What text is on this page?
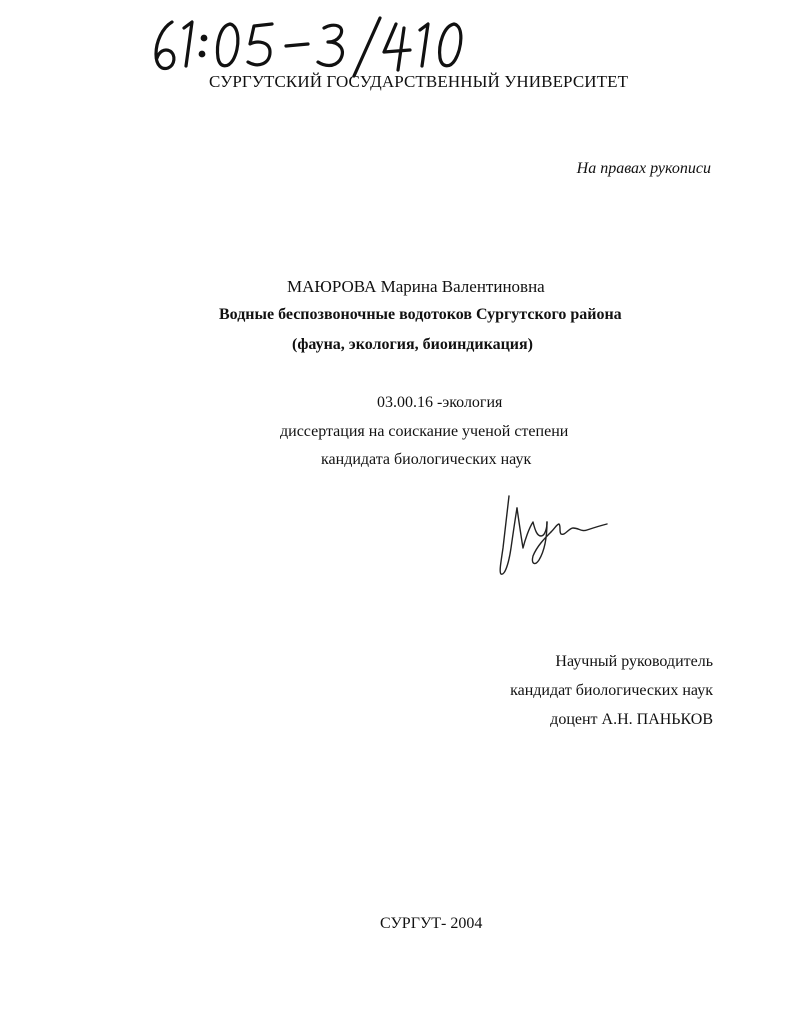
СУРГУТСКИЙ ГОСУДАРСТВЕННЫЙ УНИВЕРСИТЕТ
На правах рукописи
МАЮРОВА Марина Валентиновна
Водные беспозвоночные водотоков Сургутского района
(фауна, экология, биоиндикация)
03.00.16 -экология
диссертация на соискание ученой степени
кандидата биологических наук
Научный руководитель
кандидат биологических наук
доцент А.Н. ПАНЬКОВ
СУРГУТ- 2004
